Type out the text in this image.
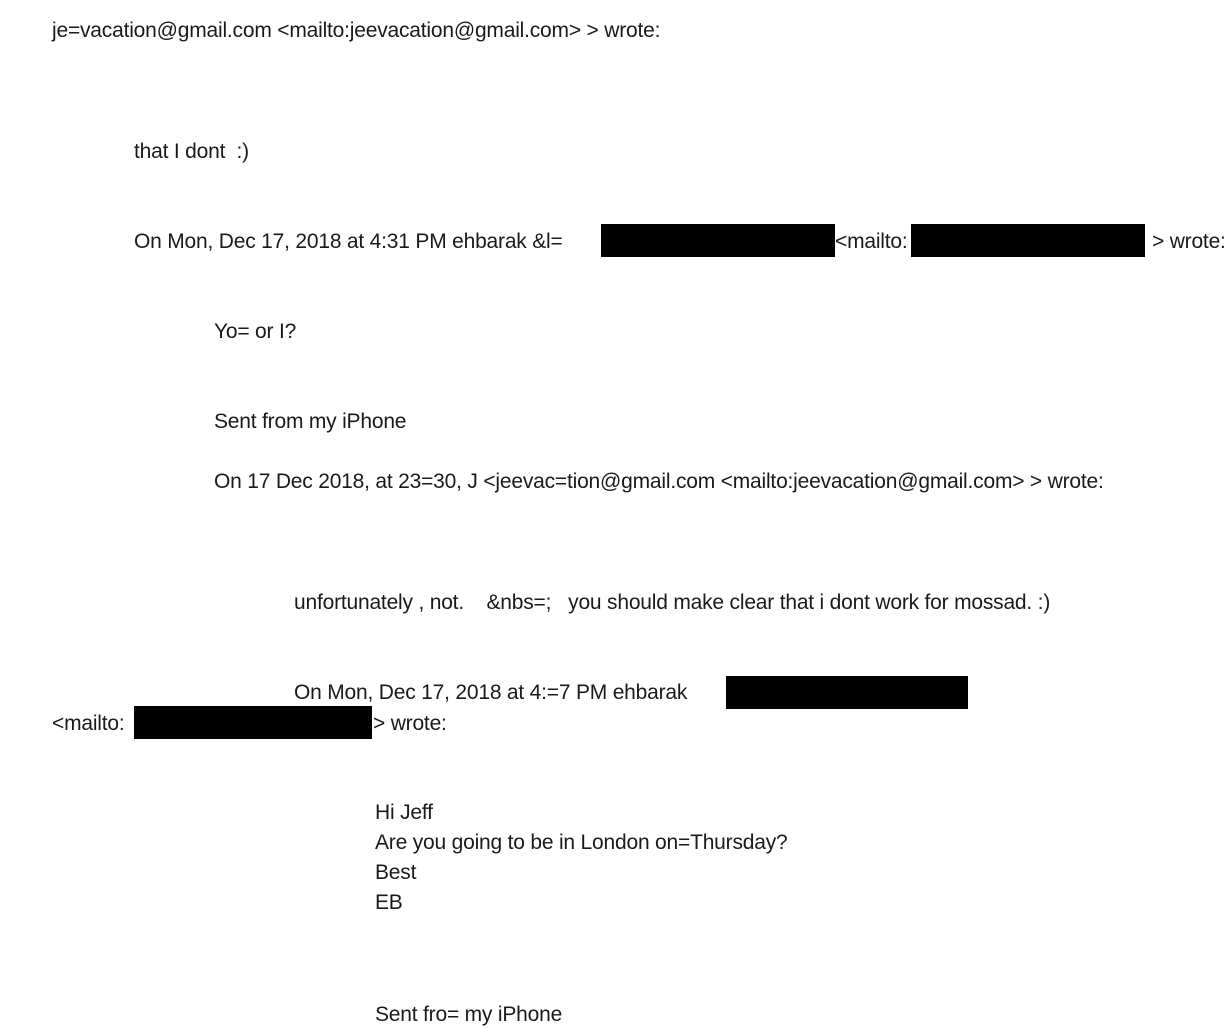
je=vacation@gmail.com <mailto:jeevacation@gmail.com> > wrote:
that I dont  :)
On Mon, Dec 17, 2018 at 4:31 PM ehbarak &l=	<mailto:	> wrote:
Yo= or I?
Sent from my iPhone
On 17 Dec 2018, at 23=30, J <jeevac=tion@gmail.com <mailto:jeevacation@gmail.com> > wrote:
unfortunately , not.    &nbs=;   you should make clear that i dont work for mossad. :)
On Mon, Dec 17, 2018 at 4:=7 PM ehbarak
<mailto:	> wrote:
Hi Jeff
Are you going to be in London on=Thursday?
Best
EB
Sent fro= my iPhone
